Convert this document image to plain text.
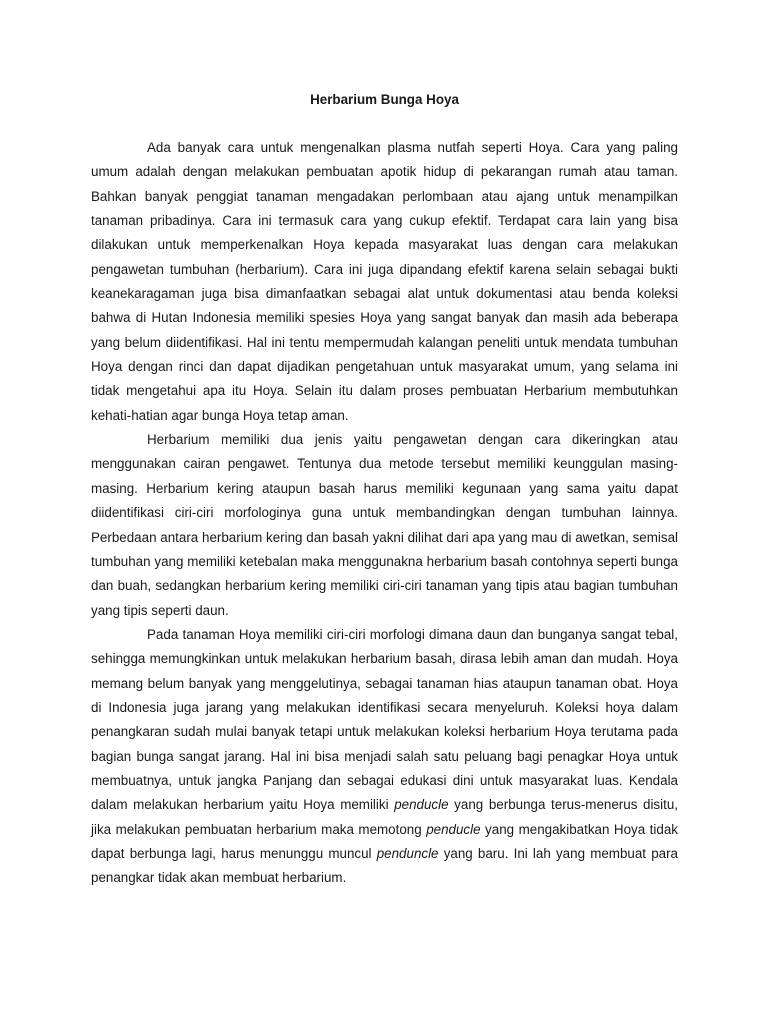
Herbarium Bunga Hoya

Ada banyak cara untuk mengenalkan plasma nutfah seperti Hoya. Cara yang paling umum adalah dengan melakukan pembuatan apotik hidup di pekarangan rumah atau taman. Bahkan banyak penggiat tanaman mengadakan perlombaan atau ajang untuk menampilkan tanaman pribadinya. Cara ini termasuk cara yang cukup efektif. Terdapat cara lain yang bisa dilakukan untuk memperkenalkan Hoya kepada masyarakat luas dengan cara melakukan pengawetan tumbuhan (herbarium). Cara ini juga dipandang efektif karena selain sebagai bukti keanekaragaman juga bisa dimanfaatkan sebagai alat untuk dokumentasi atau benda koleksi bahwa di Hutan Indonesia memiliki spesies Hoya yang sangat banyak dan masih ada beberapa yang belum diidentifikasi. Hal ini tentu mempermudah kalangan peneliti untuk mendata tumbuhan Hoya dengan rinci dan dapat dijadikan pengetahuan untuk masyarakat umum, yang selama ini tidak mengetahui apa itu Hoya. Selain itu dalam proses pembuatan Herbarium membutuhkan kehati-hatian agar bunga Hoya tetap aman.

Herbarium memiliki dua jenis yaitu pengawetan dengan cara dikeringkan atau menggunakan cairan pengawet. Tentunya dua metode tersebut memiliki keunggulan masing-masing. Herbarium kering ataupun basah harus memiliki kegunaan yang sama yaitu dapat diidentifikasi ciri-ciri morfologinya guna untuk membandingkan dengan tumbuhan lainnya. Perbedaan antara herbarium kering dan basah yakni dilihat dari apa yang mau di awetkan, semisal tumbuhan yang memiliki ketebalan maka menggunakna herbarium basah contohnya seperti bunga dan buah, sedangkan herbarium kering memiliki ciri-ciri tanaman yang tipis atau bagian tumbuhan yang tipis seperti daun.

Pada tanaman Hoya memiliki ciri-ciri morfologi dimana daun dan bunganya sangat tebal, sehingga memungkinkan untuk melakukan herbarium basah, dirasa lebih aman dan mudah. Hoya memang belum banyak yang menggelutinya, sebagai tanaman hias ataupun tanaman obat. Hoya di Indonesia juga jarang yang melakukan identifikasi secara menyeluruh. Koleksi hoya dalam penangkaran sudah mulai banyak tetapi untuk melakukan koleksi herbarium Hoya terutama pada bagian bunga sangat jarang. Hal ini bisa menjadi salah satu peluang bagi penagkar Hoya untuk membuatnya, untuk jangka Panjang dan sebagai edukasi dini untuk masyarakat luas. Kendala dalam melakukan herbarium yaitu Hoya memiliki penducle yang berbunga terus-menerus disitu, jika melakukan pembuatan herbarium maka memotong penducle yang mengakibatkan Hoya tidak dapat berbunga lagi, harus menunggu muncul penduncle yang baru. Ini lah yang membuat para penangkar tidak akan membuat herbarium.
